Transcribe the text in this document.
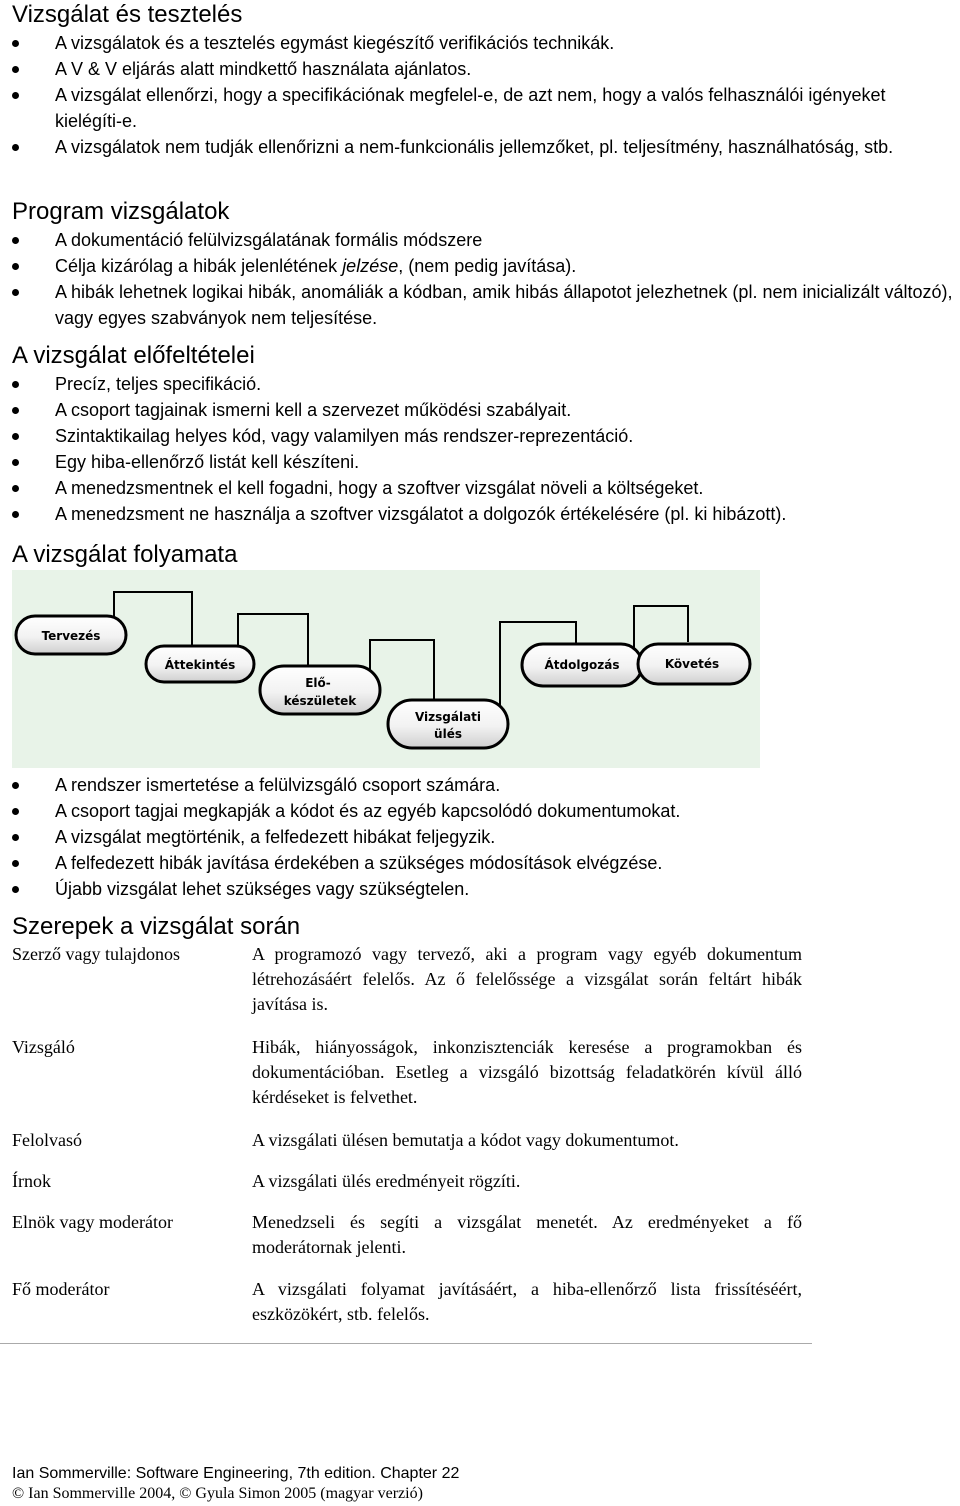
Vizsgálat és tesztelés
A vizsgálatok és a tesztelés egymást kiegészítő verifikációs technikák.
A V & V eljárás alatt mindkettő használata ajánlatos.
A vizsgálat ellenőrzi, hogy a specifikációnak megfelel-e, de azt nem, hogy a valós felhasználói igényeket kielégíti-e.
A vizsgálatok nem tudják ellenőrizni a nem-funkcionális jellemzőket, pl. teljesítmény, használhatóság, stb.
Program vizsgálatok
A dokumentáció felülvizsgálatának formális módszere
Célja kizárólag a hibák jelenlétének jelzése, (nem pedig javítása).
A hibák lehetnek logikai hibák, anomáliák a kódban, amik hibás állapotot jelezhetnek (pl. nem inicializált változó), vagy egyes szabványok nem teljesítése.
A vizsgálat előfeltételei
Precíz, teljes specifikáció.
A csoport tagjainak ismerni kell a szervezet működési szabályait.
Szintaktikailag helyes kód, vagy valamilyen más rendszer-reprezentáció.
Egy hiba-ellenőrző listát kell készíteni.
A menedzsmentnek el kell fogadni, hogy a szoftver vizsgálat növeli a költségeket.
A menedzsment ne használja a szoftver vizsgálatot a dolgozók értékelésére (pl. ki hibázott).
A vizsgálat folyamata
Tervezés
Áttekintés
Elő-
készületek
Vizsgálati
ülés
Átdolgozás	Követés
A rendszer ismertetése a felülvizsgáló csoport számára.
A csoport tagjai megkapják a kódot és az egyéb kapcsolódó dokumentumokat.
A vizsgálat megtörténik, a felfedezett hibákat feljegyzik.
A felfedezett hibák javítása érdekében a szükséges módosítások elvégzése.
Újabb vizsgálat lehet szükséges vagy szükségtelen.
Szerepek a vizsgálat során
Szerző vagy tulajdonos	A programozó vagy tervező, aki a program vagy egyéb dokumentum létrehozásáért felelős. Az ő felelőssége a vizsgálat során feltárt hibák javítása is.
Vizsgáló	Hibák, hiányosságok, inkonzisztenciák keresése a programokban és dokumentációban. Esetleg a vizsgáló bizottság feladatkörén kívül álló kérdéseket is felvethet.
Felolvasó	A vizsgálati ülésen bemutatja a kódot vagy dokumentumot.
Írnok	A vizsgálati ülés eredményeit rögzíti.
Elnök vagy moderátor	Menedzseli és segíti a vizsgálat menetét. Az eredményeket a fő moderátornak jelenti.
Fő moderátor	A vizsgálati folyamat javításáért, a hiba-ellenőrző lista frissítéséért, eszközökért, stb. felelős.
Ian Sommerville: Software Engineering, 7th edition. Chapter 22
© Ian Sommerville 2004, © Gyula Simon 2005 (magyar verzió)
